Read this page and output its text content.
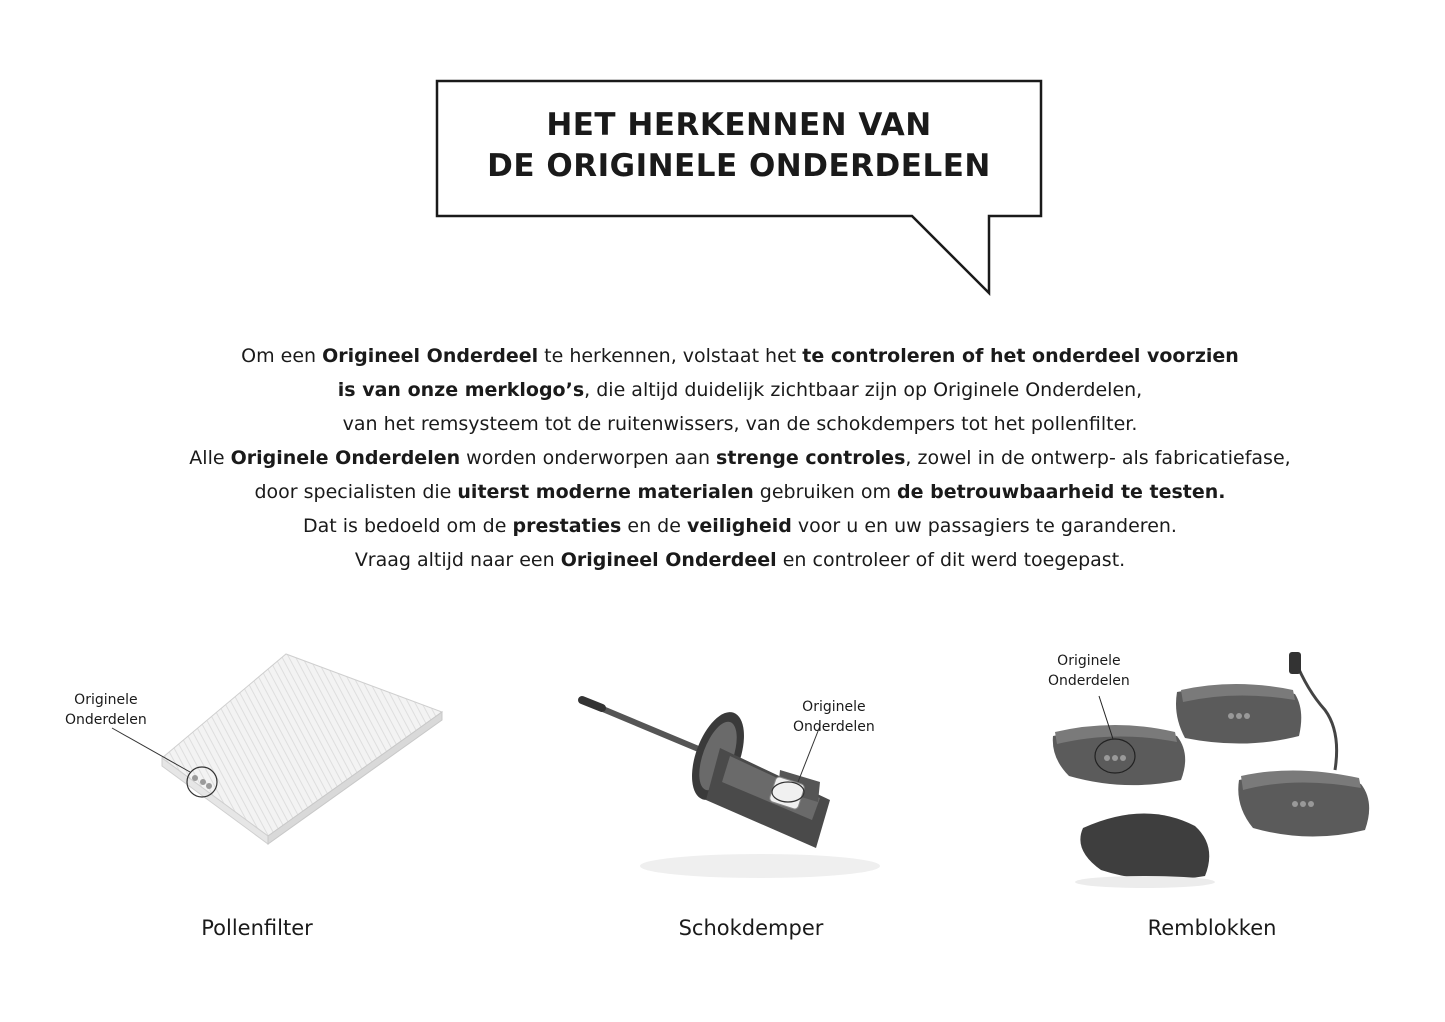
HET HERKENNEN VAN
DE ORIGINELE ONDERDELEN
Om een Origineel Onderdeel te herkennen, volstaat het te controleren of het onderdeel voorzien
is van onze merklogo’s, die altijd duidelijk zichtbaar zijn op Originele Onderdelen,
van het remsysteem tot de ruitenwissers, van de schokdempers tot het pollenfilter.
Alle Originele Onderdelen worden onderworpen aan strenge controles, zowel in de ontwerp- als fabricatiefase,
door specialisten die uiterst moderne materialen gebruiken om de betrouwbaarheid te testen.
Dat is bedoeld om de prestaties en de veiligheid voor u en uw passagiers te garanderen.
Vraag altijd naar een Origineel Onderdeel en controleer of dit werd toegepast.
Originele
Onderdelen
Pollenfilter
Originele
Onderdelen
Schokdemper
Originele
Onderdelen
Remblokken
